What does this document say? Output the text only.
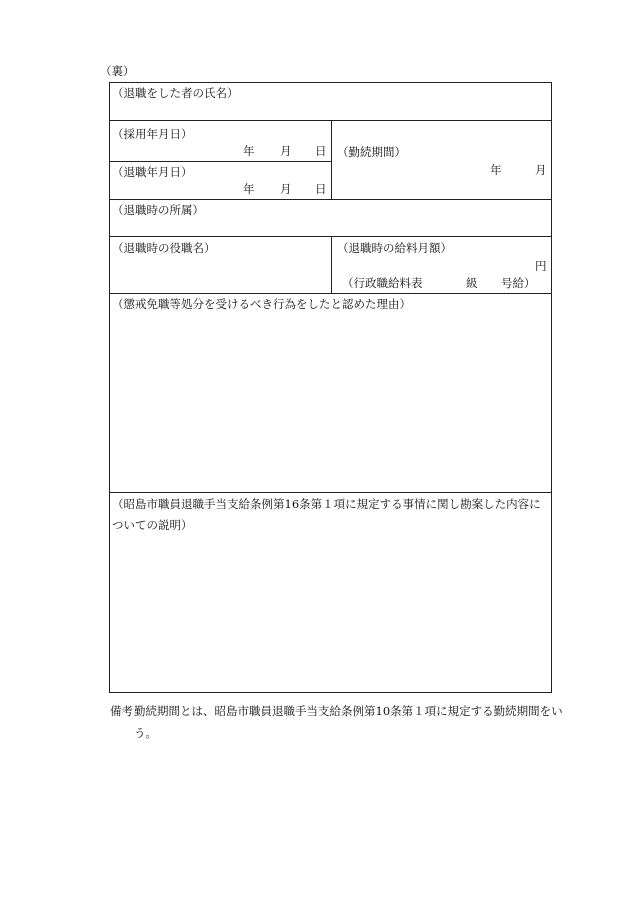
（裏）
（退職をした者の氏名）
（採用年月日）
年 月 日
（退職年月日）
年 月 日
（勤続期間）
年	月
（退職時の所属）
（退職時の役職名）	（退職時の給料月額）
円
（行政職給料表	級 号給）
（懲戒免職等処分を受けるべき行為をしたと認めた理由）
（昭島市職員退職手当支給条例第16条第１項に規定する事情に関し勘案した内容についての説明）
備考 勤続期間とは、昭島市職員退職手当支給条例第10条第１項に規定する勤続期間をいう。
